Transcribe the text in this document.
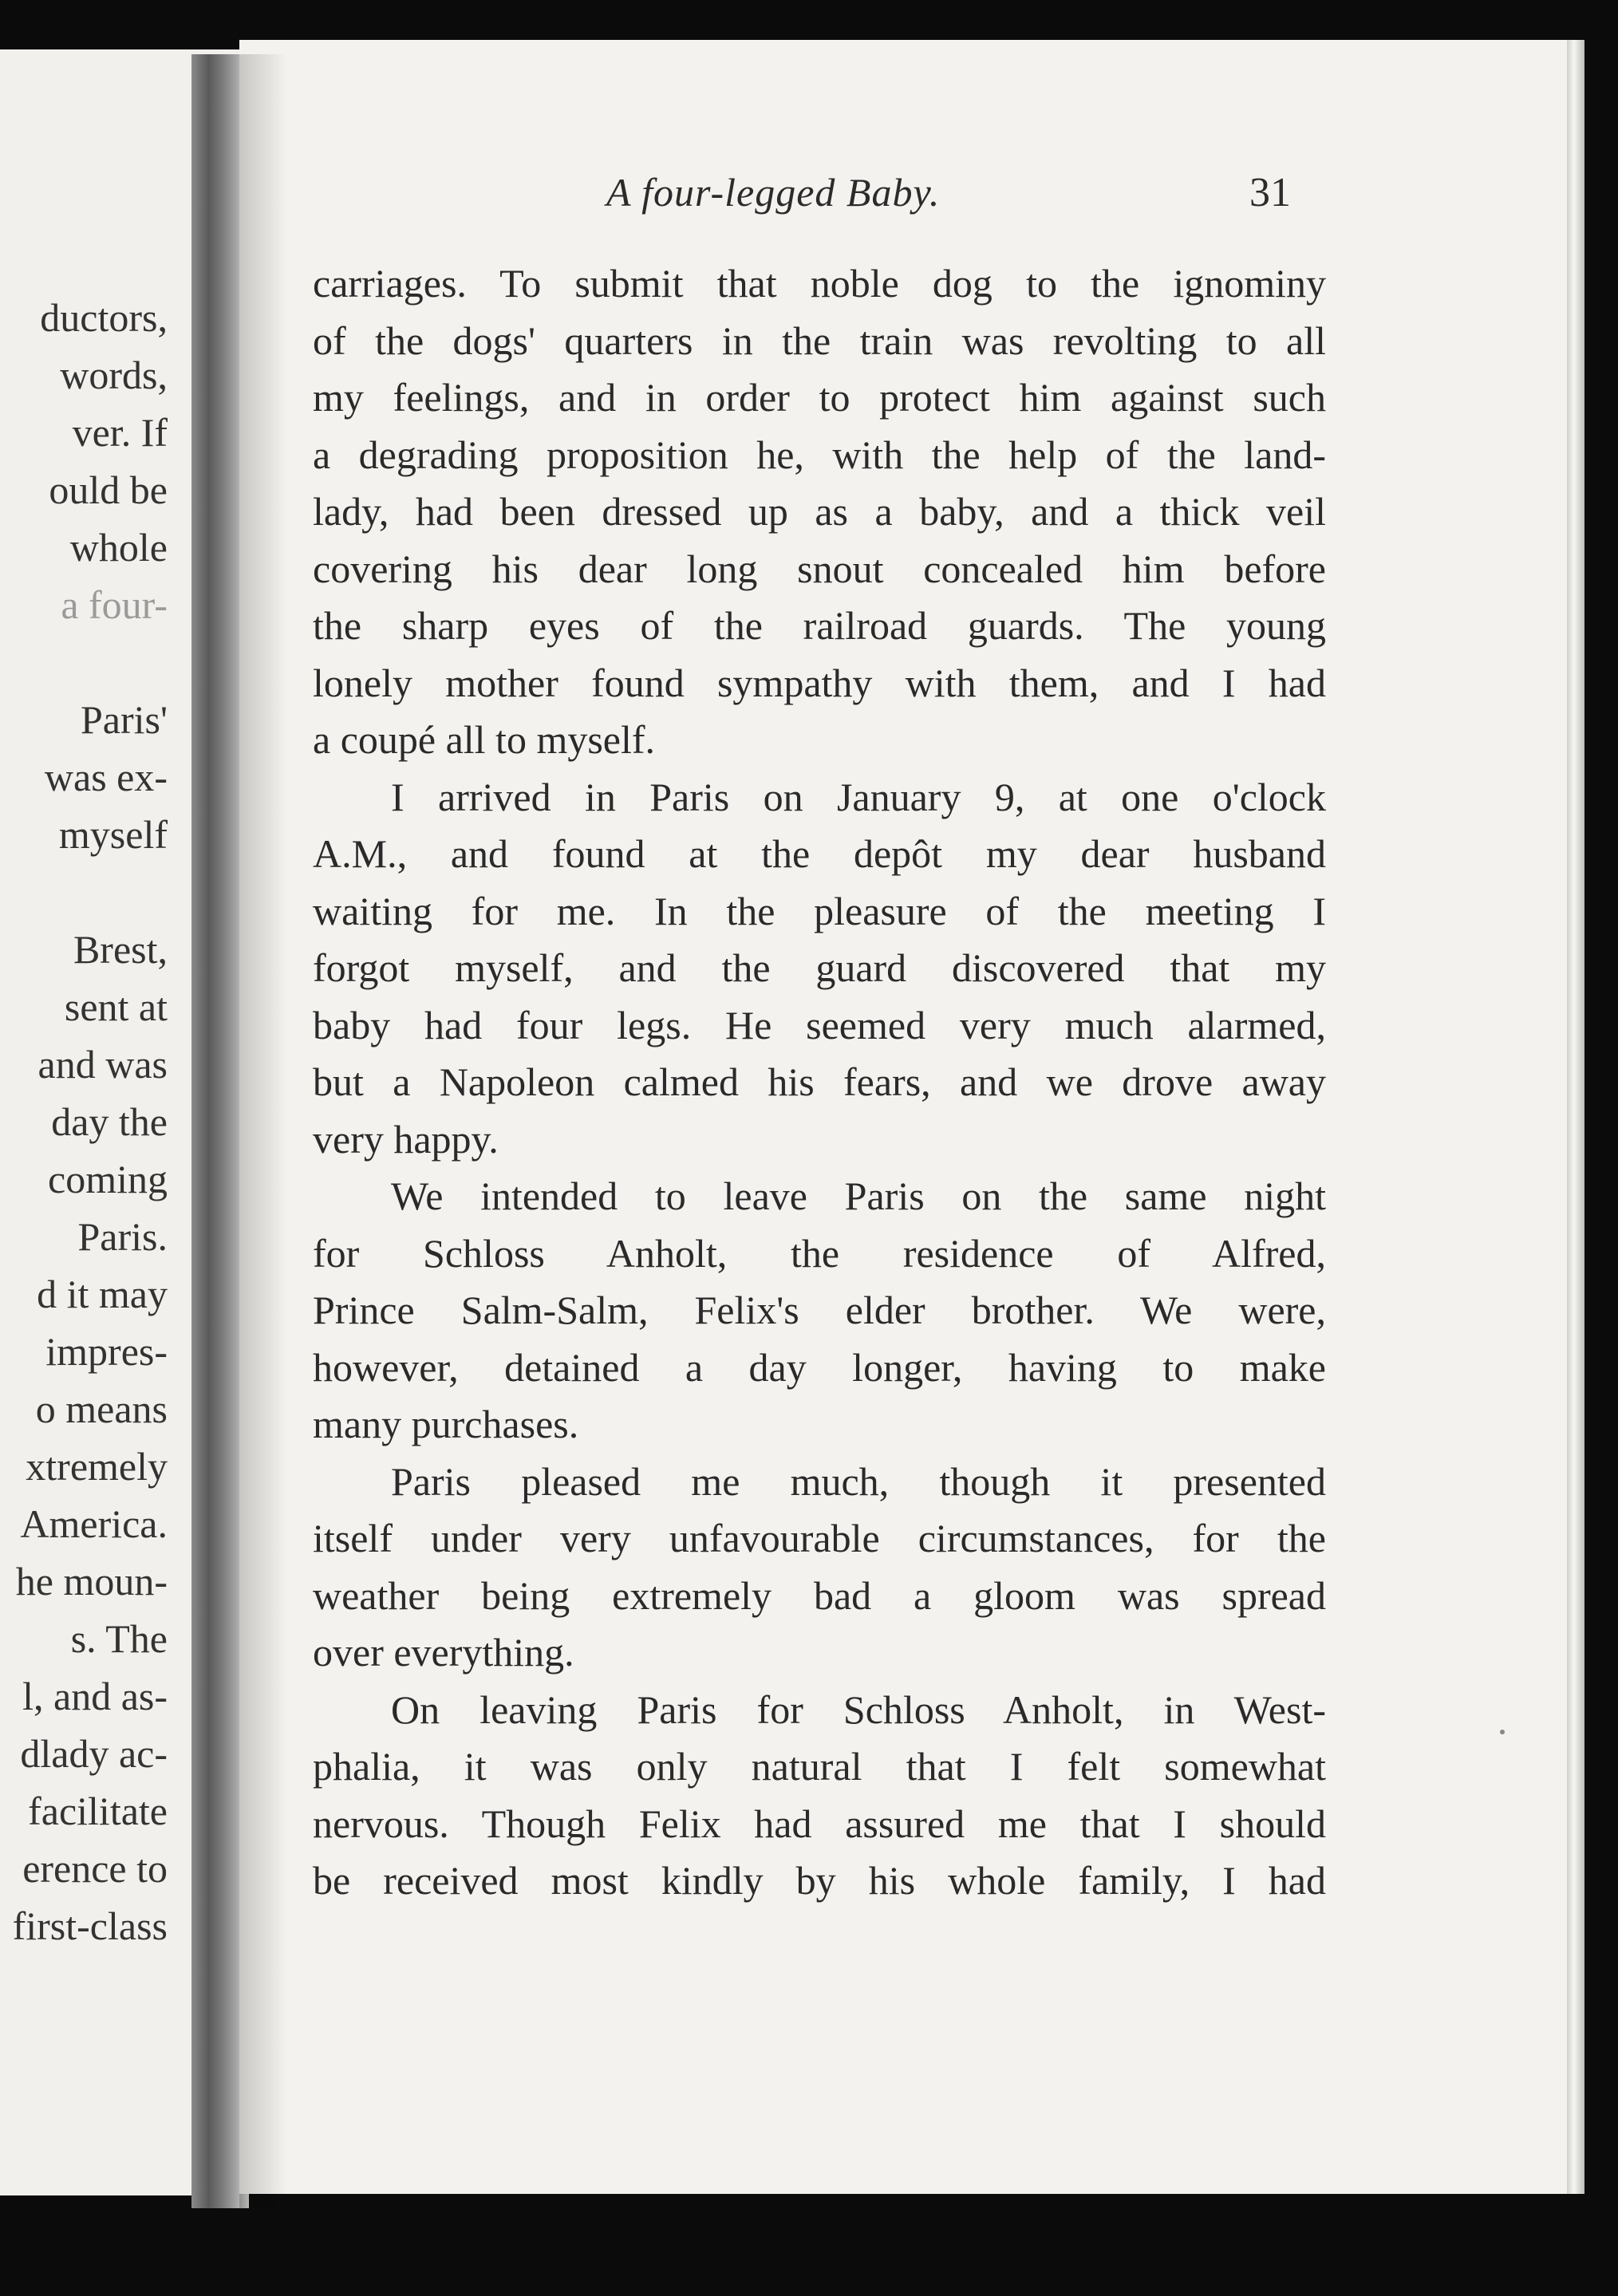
ductors,
words,
ver. If
ould be
whole
a four-
Paris'
was ex-
myself
Brest,
sent at
and was
day the
coming
Paris.
d it may
impres-
o means
xtremely
America.
he moun-
s. The
l, and as-
dlady ac-
facilitate
erence to
first-class
A four-legged Baby.	31
carriages. To submit that noble dog to the ignominy
of the dogs' quarters in the train was revolting to all
my feelings, and in order to protect him against such
a degrading proposition he, with the help of the land-
lady, had been dressed up as a baby, and a thick veil
covering his dear long snout concealed him before
the sharp eyes of the railroad guards. The young
lonely mother found sympathy with them, and I had
a coupé all to myself.
I arrived in Paris on January 9, at one o'clock
A.M., and found at the depôt my dear husband
waiting for me. In the pleasure of the meeting I
forgot myself, and the guard discovered that my
baby had four legs. He seemed very much alarmed,
but a Napoleon calmed his fears, and we drove away
very happy.
We intended to leave Paris on the same night
for Schloss Anholt, the residence of Alfred,
Prince Salm-Salm, Felix's elder brother. We were,
however, detained a day longer, having to make
many purchases.
Paris pleased me much, though it presented
itself under very unfavourable circumstances, for the
weather being extremely bad a gloom was spread
over everything.
On leaving Paris for Schloss Anholt, in West-
phalia, it was only natural that I felt somewhat
nervous. Though Felix had assured me that I should
be received most kindly by his whole family, I had
